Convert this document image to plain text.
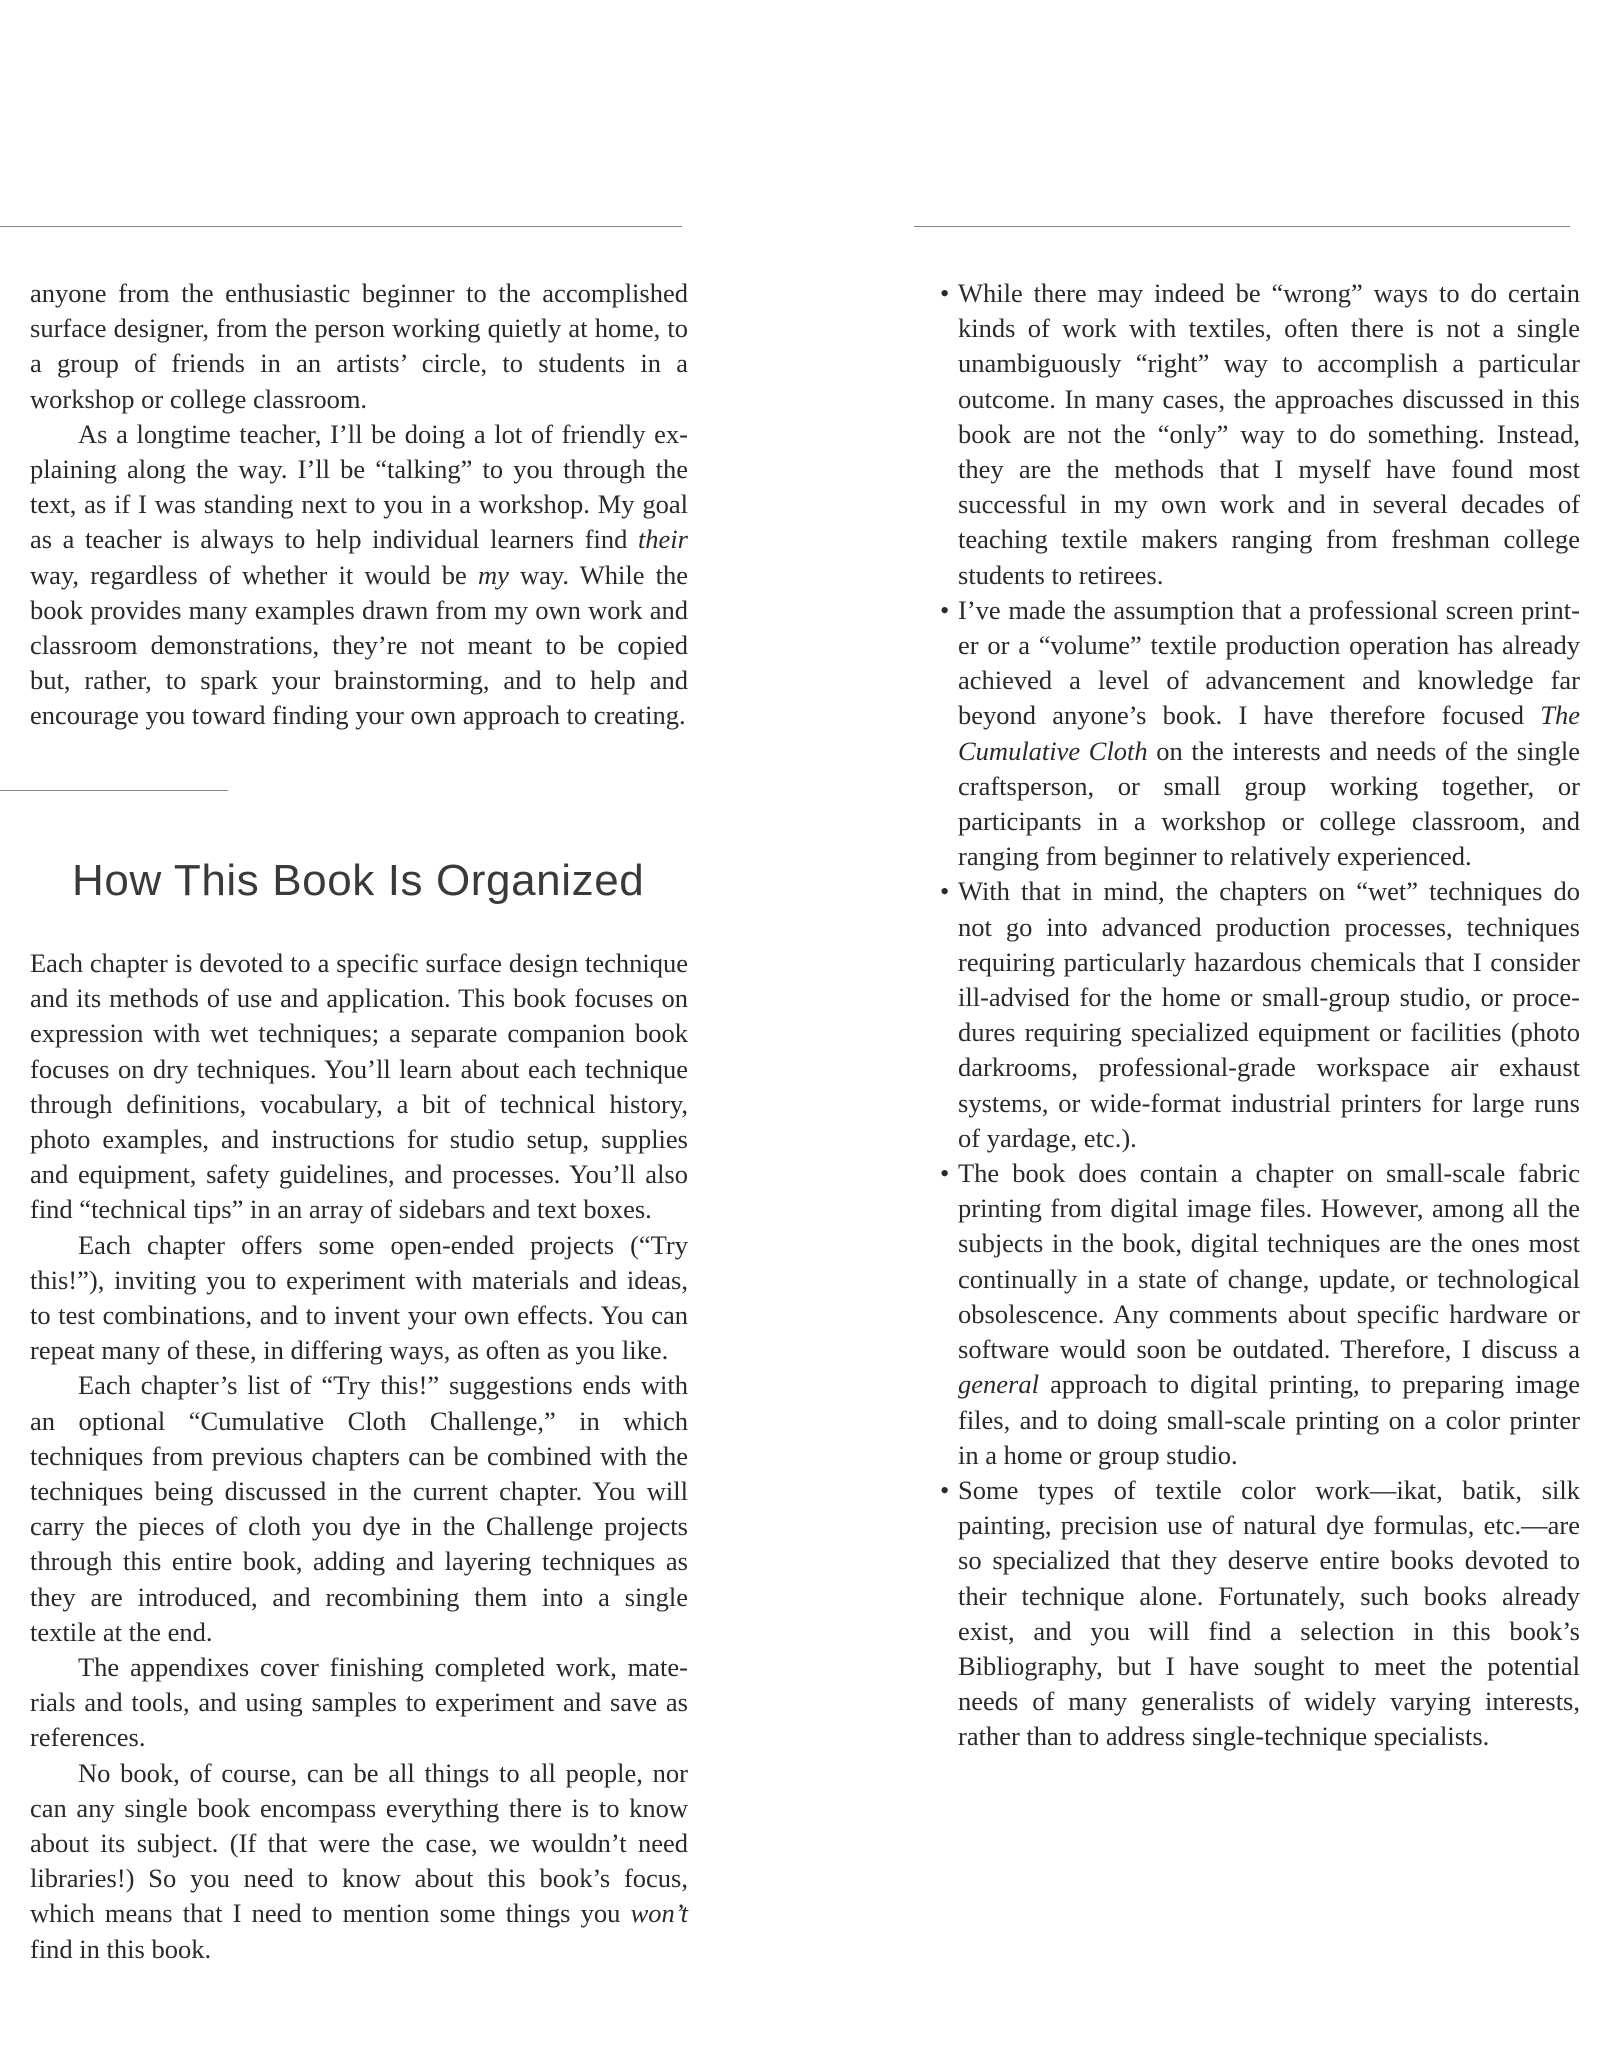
anyone from the enthusiastic beginner to the accomplished surface designer, from the person working quietly at home, to a group of friends in an artists’ circle, to students in a workshop or college classroom.

As a longtime teacher, I’ll be doing a lot of friendly explaining along the way. I’ll be “talking” to you through the text, as if I was standing next to you in a workshop. My goal as a teacher is always to help individual learners find their way, regardless of whether it would be my way. While the book provides many examples drawn from my own work and classroom demonstrations, they’re not meant to be copied but, rather, to spark your brainstorming, and to help and encourage you toward finding your own approach to creating.

How This Book Is Organized

Each chapter is devoted to a specific surface design technique and its methods of use and application. This book focuses on expression with wet techniques; a separate companion book focuses on dry techniques. You’ll learn about each technique through definitions, vocabulary, a bit of technical history, photo examples, and instructions for studio setup, supplies and equipment, safety guidelines, and processes. You’ll also find “technical tips” in an array of sidebars and text boxes.

Each chapter offers some open-ended projects (“Try this!”), inviting you to experiment with materials and ideas, to test combinations, and to invent your own effects. You can repeat many of these, in differing ways, as often as you like.

Each chapter’s list of “Try this!” suggestions ends with an optional “Cumulative Cloth Challenge,” in which techniques from previous chapters can be combined with the techniques being discussed in the current chapter. You will carry the pieces of cloth you dye in the Challenge projects through this entire book, adding and layering techniques as they are introduced, and recombining them into a single textile at the end.

The appendixes cover finishing completed work, materials and tools, and using samples to experiment and save as references.

No book, of course, can be all things to all people, nor can any single book encompass everything there is to know about its subject. (If that were the case, we wouldn’t need libraries!) So you need to know about this book’s focus, which means that I need to mention some things you won’t find in this book.

• While there may indeed be “wrong” ways to do certain kinds of work with textiles, often there is not a single unambiguously “right” way to accomplish a particular outcome. In many cases, the approaches discussed in this book are not the “only” way to do something. Instead, they are the methods that I myself have found most successful in my own work and in several decades of teaching textile makers ranging from freshman college students to retirees.

• I’ve made the assumption that a professional screen printer or a “volume” textile production operation has already achieved a level of advancement and knowledge far beyond anyone’s book. I have therefore focused The Cumulative Cloth on the interests and needs of the single craftsperson, or small group working together, or participants in a workshop or college classroom, and ranging from beginner to relatively experienced.

• With that in mind, the chapters on “wet” techniques do not go into advanced production processes, techniques requiring particularly hazardous chemicals that I consider ill-advised for the home or small-group studio, or procedures requiring specialized equipment or facilities (photo darkrooms, professional-grade workspace air exhaust systems, or wide-format industrial printers for large runs of yardage, etc.).

• The book does contain a chapter on small-scale fabric printing from digital image files. However, among all the subjects in the book, digital techniques are the ones most continually in a state of change, update, or technological obsolescence. Any comments about specific hardware or software would soon be outdated. Therefore, I discuss a general approach to digital printing, to preparing image files, and to doing small-scale printing on a color printer in a home or group studio.

• Some types of textile color work—ikat, batik, silk painting, precision use of natural dye formulas, etc.—are so specialized that they deserve entire books devoted to their technique alone. Fortunately, such books already exist, and you will find a selection in this book’s Bibliography, but I have sought to meet the potential needs of many generalists of widely varying interests, rather than to address single-technique specialists.
